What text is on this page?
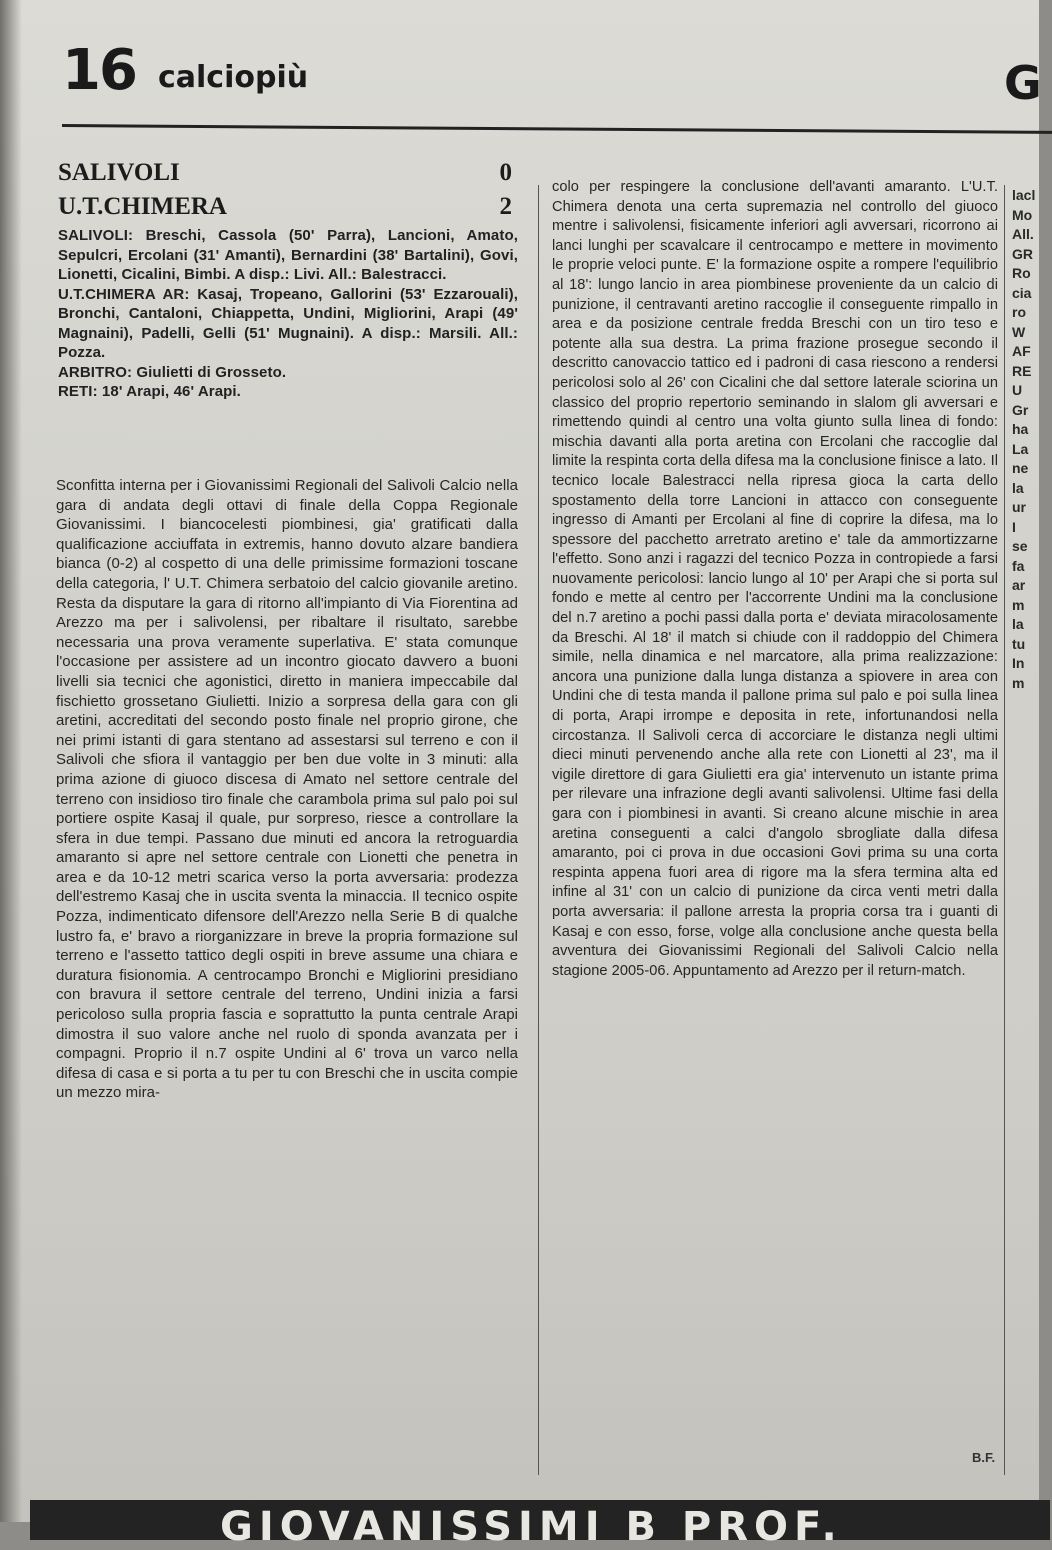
16 calciopiù	G
SALIVOLI	0
U.T.CHIMERA	2
SALIVOLI: Breschi, Cassola (50' Parra), Lancioni, Amato, Sepulcri, Ercolani (31' Amanti), Bernardini (38' Bartalini), Govi, Lionetti, Cicalini, Bimbi. A disp.: Livi. All.: Balestracci.
U.T.CHIMERA AR: Kasaj, Tropeano, Gallorini (53' Ezzarouali), Bronchi, Cantaloni, Chiappetta, Undini, Migliorini, Arapi (49' Magnaini), Padelli, Gelli (51' Mugnaini). A disp.: Marsili. All.: Pozza.
ARBITRO: Giulietti di Grosseto.
RETI: 18' Arapi, 46' Arapi.

Sconfitta interna per i Giovanissimi Regionali del Salivoli Calcio nella gara di andata degli ottavi di finale della Coppa Regionale Giovanissimi. I biancocelesti piombinesi, gia' gratificati dalla qualificazione acciuffata in extremis, hanno dovuto alzare bandiera bianca (0-2) al cospetto di una delle primissime formazioni toscane della categoria, l' U.T. Chimera serbatoio del calcio giovanile aretino. Resta da disputare la gara di ritorno all'impianto di Via Fiorentina ad Arezzo ma per i salivolensi, per ribaltare il risultato, sarebbe necessaria una prova veramente superlativa. E' stata comunque l'occasione per assistere ad un incontro giocato davvero a buoni livelli sia tecnici che agonistici, diretto in maniera impeccabile dal fischietto grossetano Giulietti. Inizio a sorpresa della gara con gli aretini, accreditati del secondo posto finale nel proprio girone, che nei primi istanti di gara stentano ad assestarsi sul terreno e con il Salivoli che sfiora il vantaggio per ben due volte in 3 minuti: alla prima azione di giuoco discesa di Amato nel settore centrale del terreno con insidioso tiro finale che carambola prima sul palo poi sul portiere ospite Kasaj il quale, pur sorpreso, riesce a controllare la sfera in due tempi. Passano due minuti ed ancora la retroguardia amaranto si apre nel settore centrale con Lionetti che penetra in area e da 10-12 metri scarica verso la porta avversaria: prodezza dell'estremo Kasaj che in uscita sventa la minaccia. Il tecnico ospite Pozza, indimenticato difensore dell'Arezzo nella Serie B di qualche lustro fa, e' bravo a riorganizzare in breve la propria formazione sul terreno e l'assetto tattico degli ospiti in breve assume una chiara e duratura fisionomia. A centrocampo Bronchi e Migliorini presidiano con bravura il settore centrale del terreno, Undini inizia a farsi pericoloso sulla propria fascia e soprattutto la punta centrale Arapi dimostra il suo valore anche nel ruolo di sponda avanzata per i compagni. Proprio il n.7 ospite Undini al 6' trova un varco nella difesa di casa e si porta a tu per tu con Breschi che in uscita compie un mezzo mira-

colo per respingere la conclusione dell'avanti amaranto. L'U.T. Chimera denota una certa supremazia nel controllo del giuoco mentre i salivolensi, fisicamente inferiori agli avversari, ricorrono ai lanci lunghi per scavalcare il centrocampo e mettere in movimento le proprie veloci punte. E' la formazione ospite a rompere l'equilibrio al 18': lungo lancio in area piombinese proveniente da un calcio di punizione, il centravanti aretino raccoglie il conseguente rimpallo in area e da posizione centrale fredda Breschi con un tiro teso e potente alla sua destra. La prima frazione prosegue secondo il descritto canovaccio tattico ed i padroni di casa riescono a rendersi pericolosi solo al 26' con Cicalini che dal settore laterale sciorina un classico del proprio repertorio seminando in slalom gli avversari e rimettendo quindi al centro una volta giunto sulla linea di fondo: mischia davanti alla porta aretina con Ercolani che raccoglie dal limite la respinta corta della difesa ma la conclusione finisce a lato. Il tecnico locale Balestracci nella ripresa gioca la carta dello spostamento della torre Lancioni in attacco con conseguente ingresso di Amanti per Ercolani al fine di coprire la difesa, ma lo spessore del pacchetto arretrato aretino e' tale da ammortizzarne l'effetto. Sono anzi i ragazzi del tecnico Pozza in contropiede a farsi nuovamente pericolosi: lancio lungo al 10' per Arapi che si porta sul fondo e mette al centro per l'accorrente Undini ma la conclusione del n.7 aretino a pochi passi dalla porta e' deviata miracolosamente da Breschi. Al 18' il match si chiude con il raddoppio del Chimera simile, nella dinamica e nel marcatore, alla prima realizzazione: ancora una punizione dalla lunga distanza a spiovere in area con Undini che di testa manda il pallone prima sul palo e poi sulla linea di porta, Arapi irrompe e deposita in rete, infortunandosi nella circostanza. Il Salivoli cerca di accorciare le distanza negli ultimi dieci minuti pervenendo anche alla rete con Lionetti al 23', ma il vigile direttore di gara Giulietti era gia' intervenuto un istante prima per rilevare una infrazione degli avanti salivolensi. Ultime fasi della gara con i piombinesi in avanti. Si creano alcune mischie in area aretina conseguenti a calci d'angolo sbrogliate dalla difesa amaranto, poi ci prova in due occasioni Govi prima su una corta respinta appena fuori area di rigore ma la sfera termina alta ed infine al 31' con un calcio di punizione da circa venti metri dalla porta avversaria: il pallone arresta la propria corsa tra i guanti di Kasaj e con esso, forse, volge alla conclusione anche questa bella avventura dei Giovanissimi Regionali del Salivoli Calcio nella stagione 2005-06. Appuntamento ad Arezzo per il return-match.

B.F.
lacl
Mo
All.
GR
Ro
cia
ro
W
AF
RE
U
Gr
ha
La
ne
la
ur
I
se
fa
ar
m
la
tu
In
m
GIOVANISSIMI B PROF.
